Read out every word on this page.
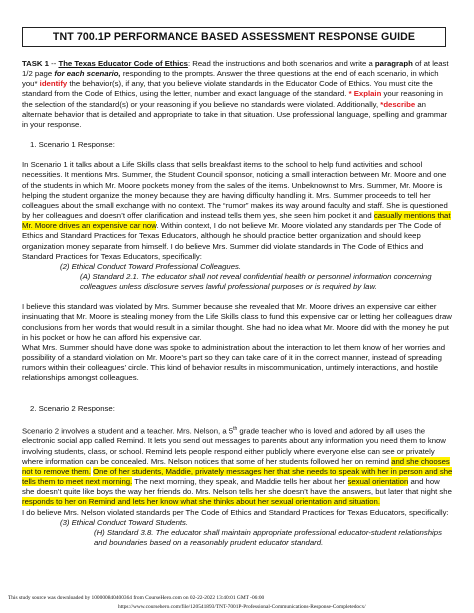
TNT 700.1P PERFORMANCE BASED ASSESSMENT RESPONSE GUIDE

TASK 1 -- The Texas Educator Code of Ethics: Read the instructions and both scenarios and write a paragraph of at least 1/2 page for each scenario, responding to the prompts. Answer the three questions at the end of each scenario, in which you* identify the behavior(s), if any, that you believe violate standards in the Educator Code of Ethics. You must cite the standard from the Code of Ethics, using the letter, number and exact language of the standard. * Explain your reasoning in the selection of the standard(s) or your reasoning if you believe no standards were violated. Additionally, *describe an alternate behavior that is detailed and appropriate to take in that situation. Use professional language, spelling and grammar in your response.

1. Scenario 1 Response:

In Scenario 1 it talks about a Life Skills class that sells breakfast items to the school to help fund activities and school necessities. It mentions Mrs. Summer, the Student Council sponsor, noticing a small interaction between Mr. Moore and one of the students in which Mr. Moore pockets money from the sales of the items. Unbeknownst to Mrs. Summer, Mr. Moore is helping the student organize the money because they are having difficulty handling it. Mrs. Summer proceeds to tell her colleagues about the small exchange with no context. The “rumor” makes its way around faculty and staff. She is questioned by her colleagues and doesn’t offer clarification and instead tells them yes, she seen him pocket it and casually mentions that Mr. Moore drives an expensive car now. Within context, I do not believe Mr. Moore violated any standards per The Code of Ethics and Standard Practices for Texas Educators, although he should practice better organization and should keep organization money separate from himself. I do believe Mrs. Summer did violate standards in The Code of Ethics and Standard Practices for Texas Educators, specifically:

(2) Ethical Conduct Toward Professional Colleagues.

(A) Standard 2.1. The educator shall not reveal confidential health or personnel information concerning colleagues unless disclosure serves lawful professional purposes or is required by law.

I believe this standard was violated by Mrs. Summer because she revealed that Mr. Moore drives an expensive car either insinuating that Mr. Moore is stealing money from the Life Skills class to fund this expensive car or letting her colleagues draw conclusions from her words that would result in a similar thought. She had no idea what Mr. Moore did with the money he put in his pocket or how he can afford his expensive car.

What Mrs. Summer should have done was spoke to administration about the interaction to let them know of her worries and possibility of a standard violation on Mr. Moore’s part so they can take care of it in the correct manner, instead of spreading rumors within their colleagues’ circle. This kind of behavior results in miscommunication, untimely interactions, and hostile relationships amongst colleagues.

2. Scenario 2 Response:

Scenario 2 involves a student and a teacher. Mrs. Nelson, a 5th grade teacher who is loved and adored by all uses the electronic social app called Remind. It lets you send out messages to parents about any information you need them to know involving students, class, or school. Remind lets people respond either publicly where everyone else can see or privately where information can be concealed. Mrs. Nelson notices that some of her students followed her on remind and she chooses not to remove them. One of her students, Maddie, privately messages her that she needs to speak with her in person and she tells them to meet next morning. The next morning, they speak, and Maddie tells her about her sexual orientation and how she doesn’t quite like boys the way her friends do. Mrs. Nelson tells her she doesn’t have the answers, but later that night she responds to her on Remind and lets her know what she thinks about her sexual orientation and situation.

I do believe Mrs. Nelson violated standards per The Code of Ethics and Standard Practices for Texas Educators, specifically:

(3) Ethical Conduct Toward Students.

(H) Standard 3.8. The educator shall maintain appropriate professional educator-student relationships and boundaries based on a reasonably prudent educator standard.

This study source was downloaded by 100000840400364 from CourseHero.com on 02-22-2022 13:40:01 GMT -06:00
https://www.coursehero.com/file/120541893/TNT-7001P-Professional-Communications-Response-Completedocx/
